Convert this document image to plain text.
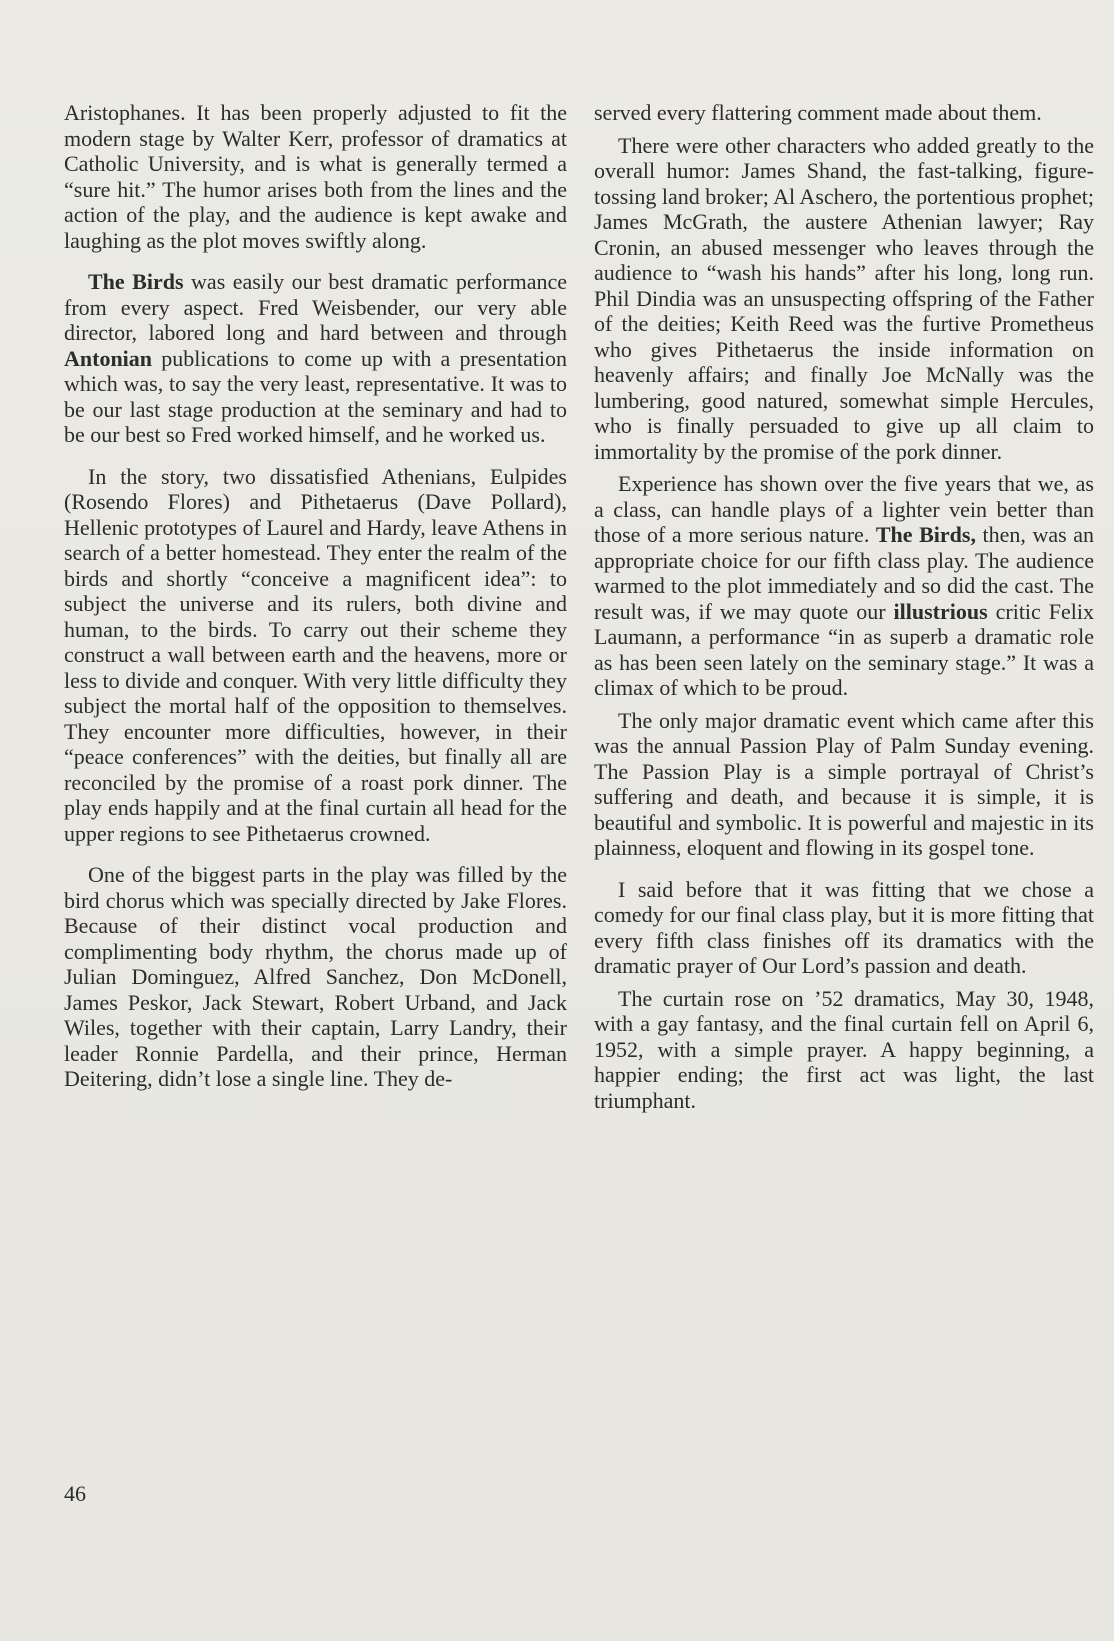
Aristophanes. It has been properly adjusted to fit the modern stage by Walter Kerr, professor of dramatics at Catholic University, and is what is generally termed a “sure hit.” The humor arises both from the lines and the action of the play, and the audience is kept awake and laughing as the plot moves swiftly along.

The Birds was easily our best dramatic performance from every aspect. Fred Weisbender, our very able director, labored long and hard between and through Antonian publications to come up with a presentation which was, to say the very least, representative. It was to be our last stage production at the seminary and had to be our best so Fred worked himself, and he worked us.

In the story, two dissatisfied Athenians, Eulpides (Rosendo Flores) and Pithetaerus (Dave Pollard), Hellenic prototypes of Laurel and Hardy, leave Athens in search of a better homestead. They enter the realm of the birds and shortly “conceive a magnificent idea”: to subject the universe and its rulers, both divine and human, to the birds. To carry out their scheme they construct a wall between earth and the heavens, more or less to divide and conquer. With very little difficulty they subject the mortal half of the opposition to themselves. They encounter more difficulties, however, in their “peace conferences” with the deities, but finally all are reconciled by the promise of a roast pork dinner. The play ends happily and at the final curtain all head for the upper regions to see Pithetaerus crowned.

One of the biggest parts in the play was filled by the bird chorus which was specially directed by Jake Flores. Because of their distinct vocal production and complimenting body rhythm, the chorus made up of Julian Dominguez, Alfred Sanchez, Don McDonell, James Peskor, Jack Stewart, Robert Urband, and Jack Wiles, together with their captain, Larry Landry, their leader Ronnie Pardella, and their prince, Herman Deitering, didn’t lose a single line. They de-

served every flattering comment made about them.

There were other characters who added greatly to the overall humor: James Shand, the fast-talking, figure-tossing land broker; Al Aschero, the portentious prophet; James McGrath, the austere Athenian lawyer; Ray Cronin, an abused messenger who leaves through the audience to “wash his hands” after his long, long run. Phil Dindia was an unsuspecting offspring of the Father of the deities; Keith Reed was the furtive Prometheus who gives Pithetaerus the inside information on heavenly affairs; and finally Joe McNally was the lumbering, good natured, somewhat simple Hercules, who is finally persuaded to give up all claim to immortality by the promise of the pork dinner.

Experience has shown over the five years that we, as a class, can handle plays of a lighter vein better than those of a more serious nature. The Birds, then, was an appropriate choice for our fifth class play. The audience warmed to the plot immediately and so did the cast. The result was, if we may quote our illustrious critic Felix Laumann, a performance “in as superb a dramatic role as has been seen lately on the seminary stage.” It was a climax of which to be proud.

The only major dramatic event which came after this was the annual Passion Play of Palm Sunday evening. The Passion Play is a simple portrayal of Christ’s suffering and death, and because it is simple, it is beautiful and symbolic. It is powerful and majestic in its plainness, eloquent and flowing in its gospel tone.

I said before that it was fitting that we chose a comedy for our final class play, but it is more fitting that every fifth class finishes off its dramatics with the dramatic prayer of Our Lord’s passion and death.

The curtain rose on ’52 dramatics, May 30, 1948, with a gay fantasy, and the final curtain fell on April 6, 1952, with a simple prayer. A happy beginning, a happier ending; the first act was light, the last triumphant.

46
